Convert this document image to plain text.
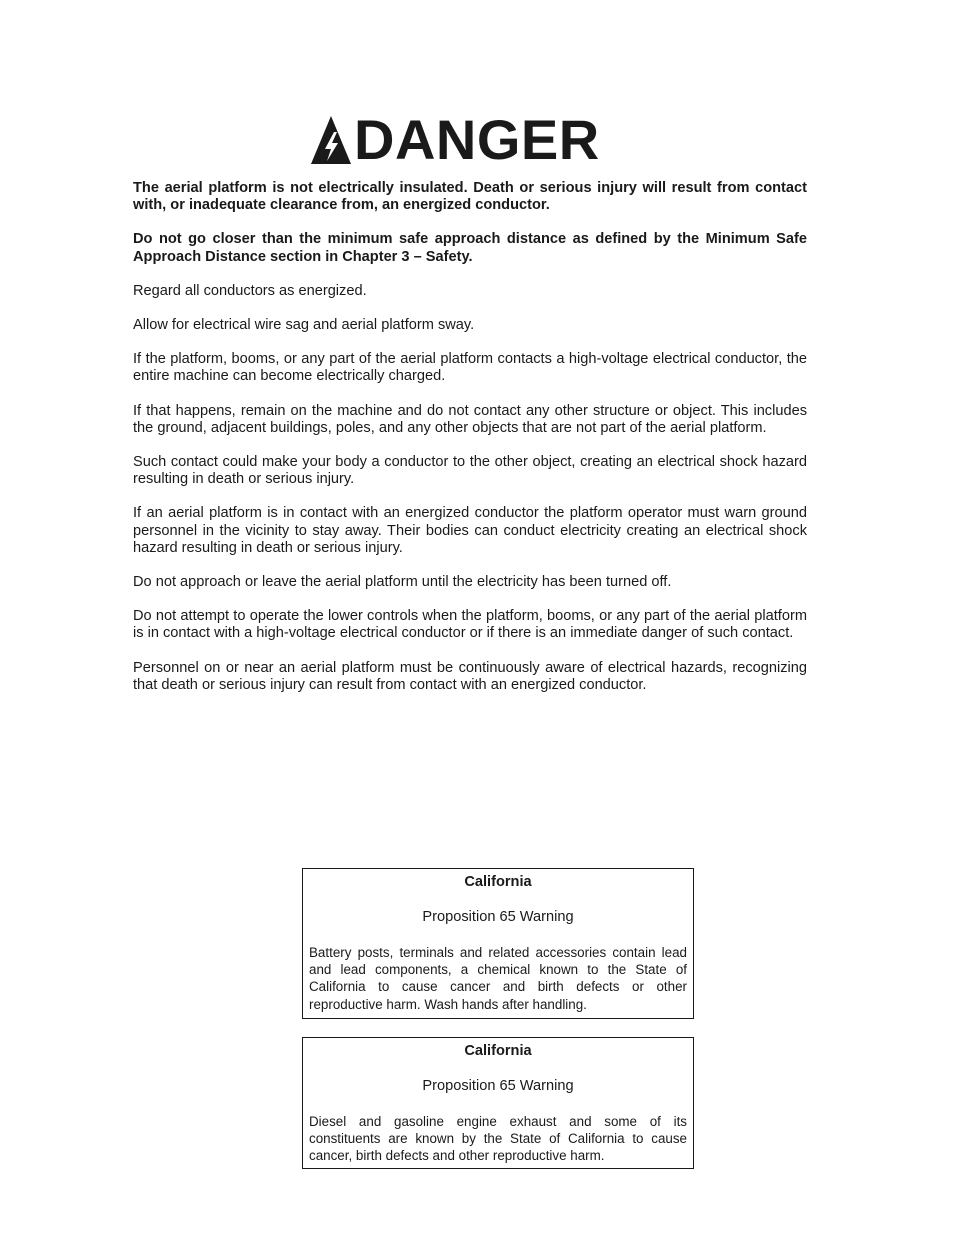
DANGER

The aerial platform is not electrically insulated. Death or serious injury will result from contact with, or inadequate clearance from, an energized conductor.

Do not go closer than the minimum safe approach distance as defined by the Minimum Safe Approach Distance section in Chapter 3 – Safety.

Regard all conductors as energized.

Allow for electrical wire sag and aerial platform sway.

If the platform, booms, or any part of the aerial platform contacts a high-voltage electrical conductor, the entire machine can become electrically charged.

If that happens, remain on the machine and do not contact any other structure or object. This includes the ground, adjacent buildings, poles, and any other objects that are not part of the aerial platform.

Such contact could make your body a conductor to the other object, creating an electrical shock hazard resulting in death or serious injury.

If an aerial platform is in contact with an energized conductor the platform operator must warn ground personnel in the vicinity to stay away. Their bodies can conduct electricity creating an electrical shock hazard resulting in death or serious injury.

Do not approach or leave the aerial platform until the electricity has been turned off.

Do not attempt to operate the lower controls when the platform, booms, or any part of the aerial platform is in contact with a high-voltage electrical conductor or if there is an immediate danger of such contact.

Personnel on or near an aerial platform must be continuously aware of electrical hazards, recognizing that death or serious injury can result from contact with an energized conductor.

California

Proposition 65 Warning

Battery posts, terminals and related accessories contain lead and lead components, a chemical known to the State of California to cause cancer and birth defects or other reproductive harm. Wash hands after handling.

California

Proposition 65 Warning

Diesel and gasoline engine exhaust and some of its constituents are known by the State of California to cause cancer, birth defects and other reproductive harm.
